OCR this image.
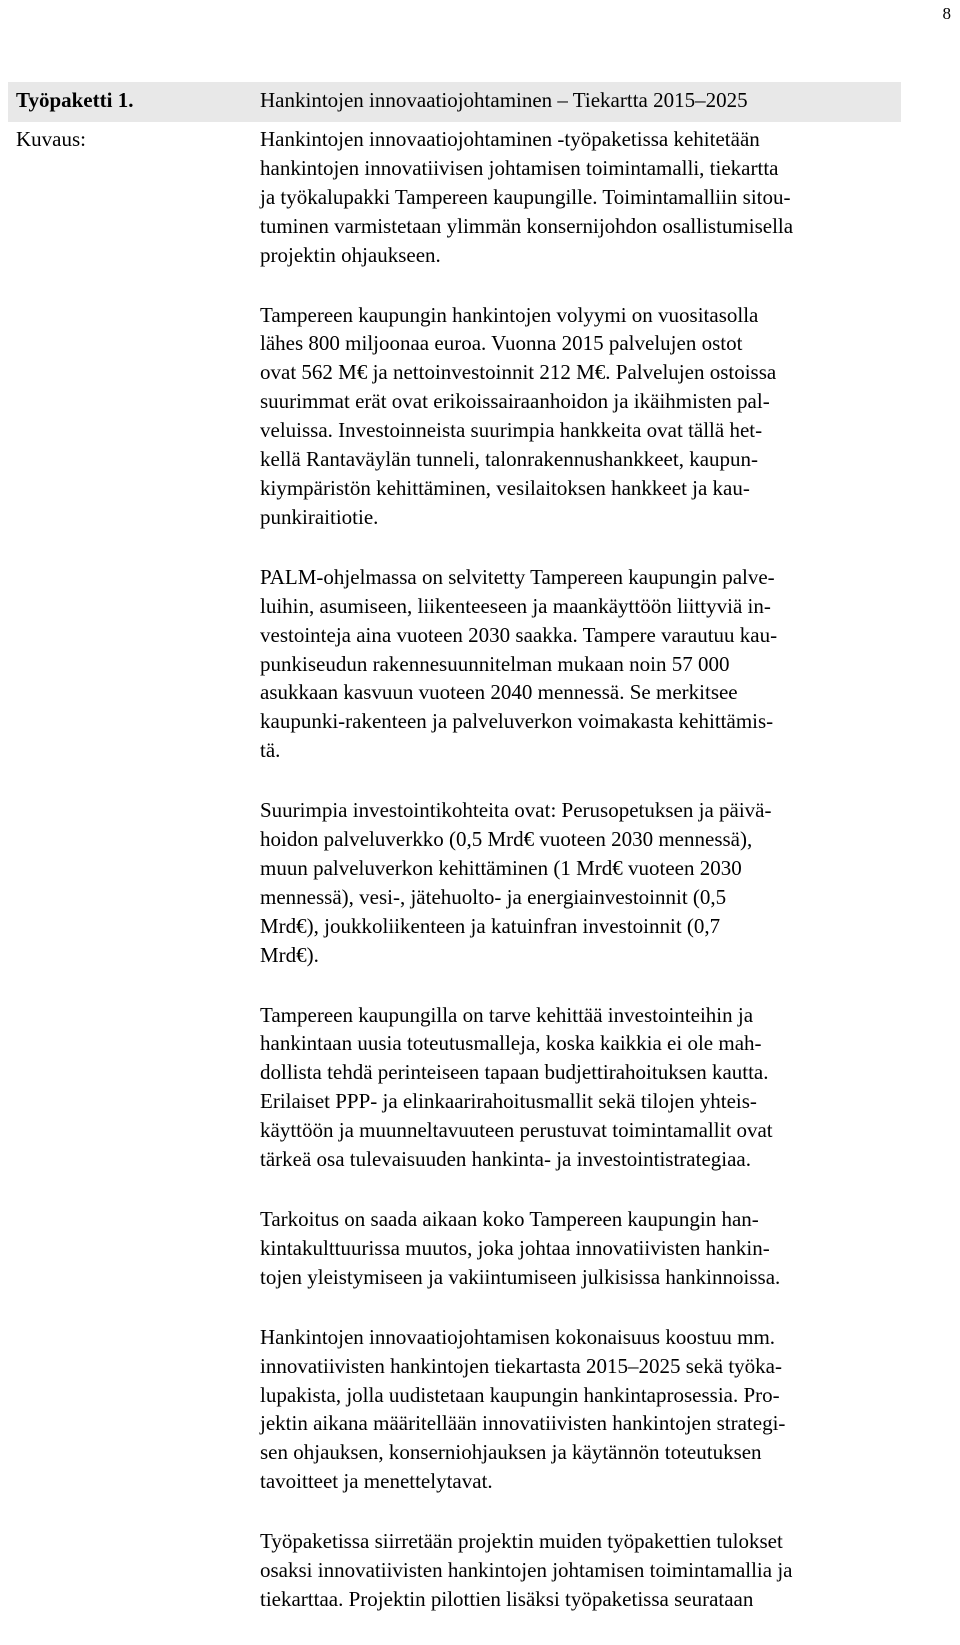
8
Työpaketti 1.	Hankintojen innovaatiojohtaminen – Tiekartta 2015–2025
Kuvaus:	Hankintojen innovaatiojohtaminen -työpaketissa kehitetään
hankintojen innovatiivisen johtamisen toimintamalli, tiekartta
ja työkalupakki Tampereen kaupungille. Toimintamalliin sitou-
tuminen varmistetaan ylimmän konsernijohdon osallistumisella
projektin ohjaukseen.

Tampereen kaupungin hankintojen volyymi on vuositasolla
lähes 800 miljoonaa euroa. Vuonna 2015 palvelujen ostot
ovat 562 M€ ja nettoinvestoinnit 212 M€. Palvelujen ostoissa
suurimmat erät ovat erikoissairaanhoidon ja ikäihmisten pal-
veluissa. Investoinneista suurimpia hankkeita ovat tällä het-
kellä Rantaväylän tunneli, talonrakennushankkeet, kaupun-
kiympäristön kehittäminen, vesilaitoksen hankkeet ja kau-
punkiraitiotie.

PALM-ohjelmassa on selvitetty Tampereen kaupungin palve-
luihin, asumiseen, liikenteeseen ja maankäyttöön liittyviä in-
vestointeja aina vuoteen 2030 saakka. Tampere varautuu kau-
punkiseudun rakennesuunnitelman mukaan noin 57 000
asukkaan kasvuun vuoteen 2040 mennessä. Se merkitsee
kaupunki-rakenteen ja palveluverkon voimakasta kehittämis-
tä.

Suurimpia investointikohteita ovat: Perusopetuksen ja päivä-
hoidon palveluverkko (0,5 Mrd€ vuoteen 2030 mennessä),
muun palveluverkon kehittäminen (1 Mrd€ vuoteen 2030
mennessä), vesi-, jätehuolto- ja energiainvestoinnit (0,5
Mrd€), joukkoliikenteen ja katuinfran investoinnit (0,7
Mrd€).

Tampereen kaupungilla on tarve kehittää investointeihin ja
hankintaan uusia toteutusmalleja, koska kaikkia ei ole mah-
dollista tehdä perinteiseen tapaan budjettirahoituksen kautta.
Erilaiset PPP- ja elinkaarirahoitusmallit sekä tilojen yhteis-
käyttöön ja muunneltavuuteen perustuvat toimintamallit ovat
tärkeä osa tulevaisuuden hankinta- ja investointistrategiaa.

Tarkoitus on saada aikaan koko Tampereen kaupungin han-
kintakulttuurissa muutos, joka johtaa innovatiivisten hankin-
tojen yleistymiseen ja vakiintumiseen julkisissa hankinnoissa.

Hankintojen innovaatiojohtamisen kokonaisuus koostuu mm.
innovatiivisten hankintojen tiekartasta 2015–2025 sekä työka-
lupakista, jolla uudistetaan kaupungin hankintaprosessia. Pro-
jektin aikana määritellään innovatiivisten hankintojen strategi-
sen ohjauksen, konserniohjauksen ja käytännön toteutuksen
tavoitteet ja menettelytavat.

Työpaketissa siirretään projektin muiden työpakettien tulokset
osaksi innovatiivisten hankintojen johtamisen toimintamallia ja
tiekarttaa. Projektin pilottien lisäksi työpaketissa seurataan
